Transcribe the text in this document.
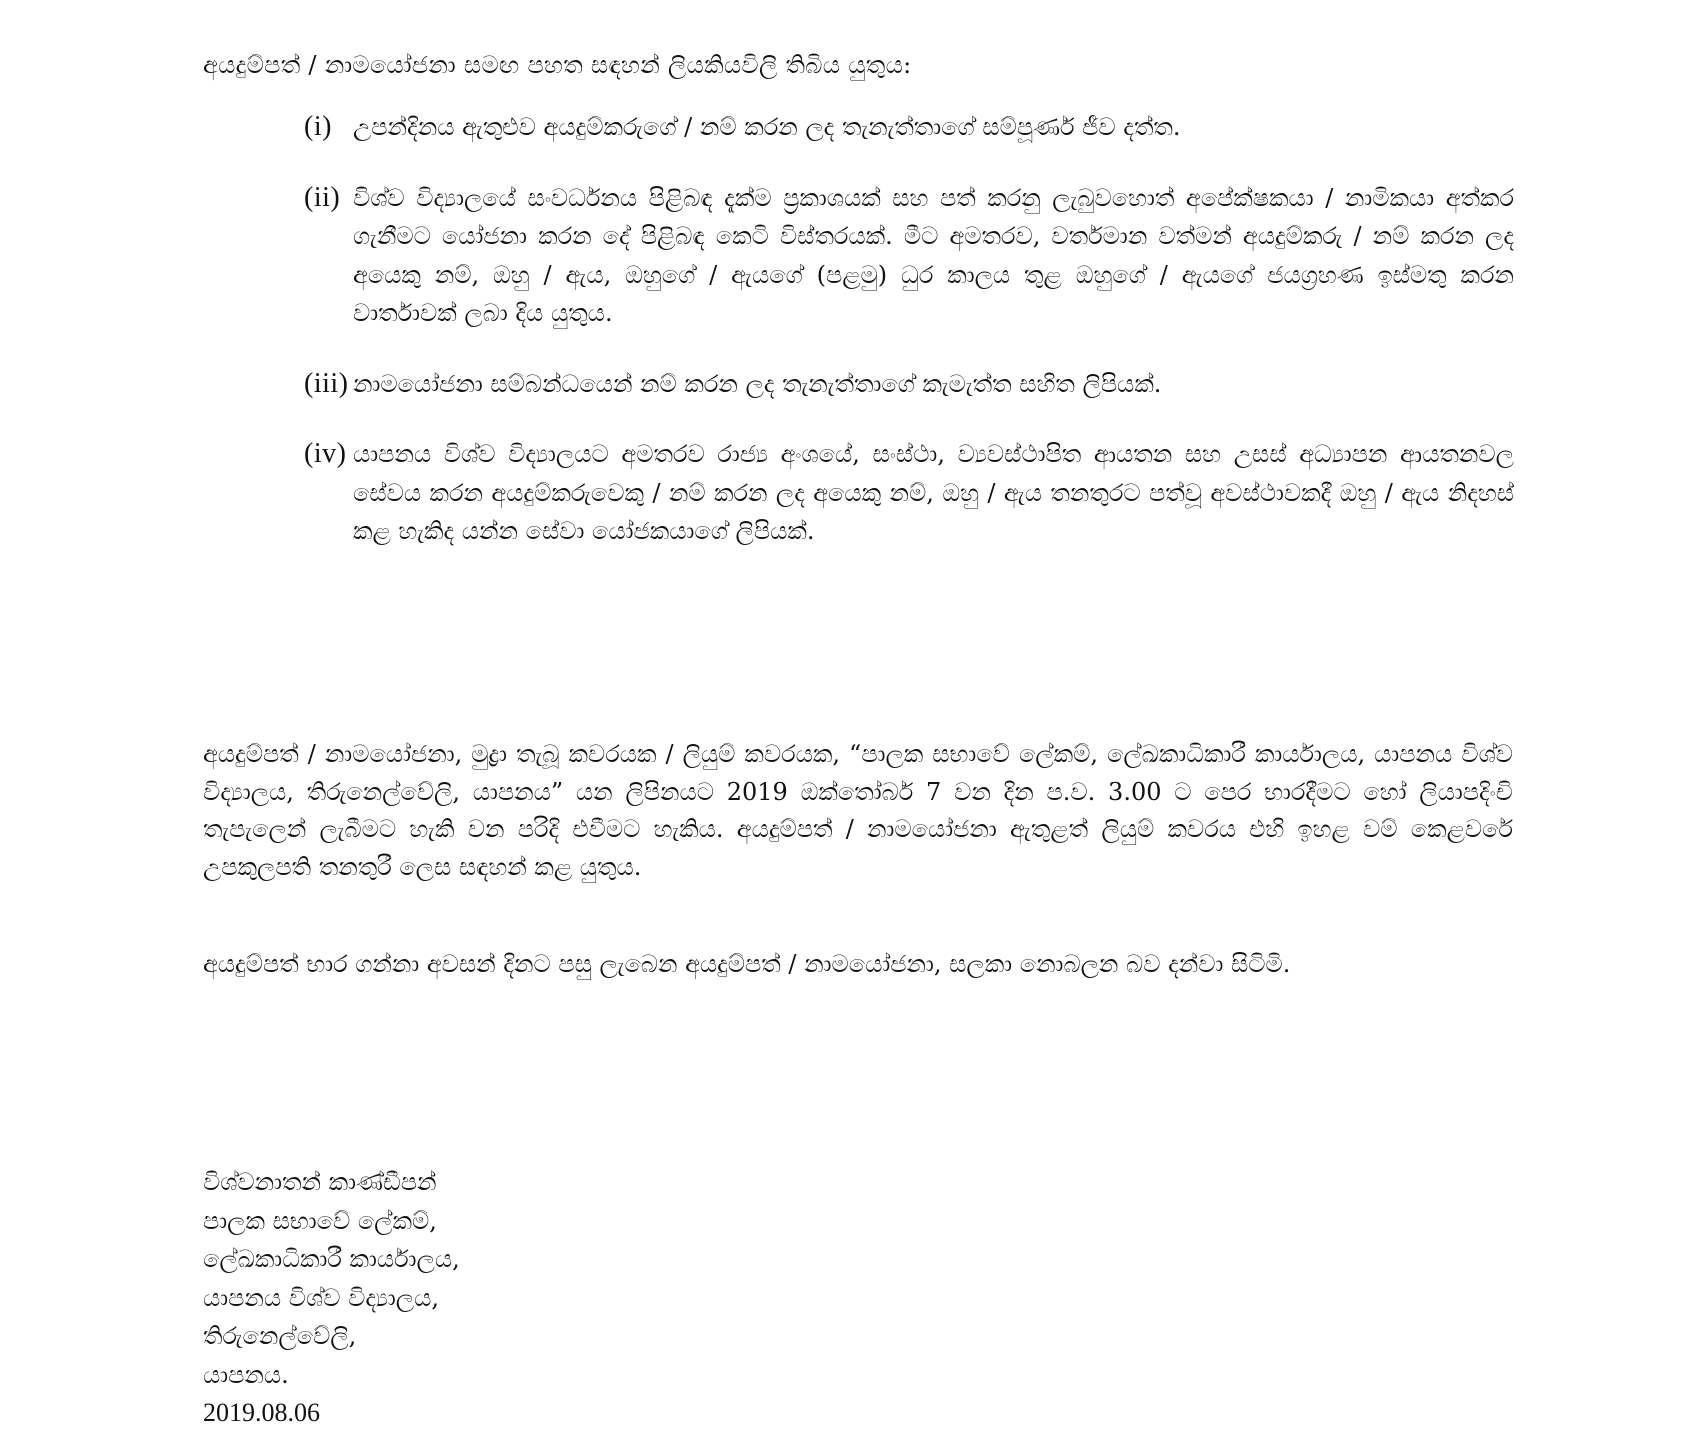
අයදුම්පත් / නාමයෝජනා සමඟ පහත සඳහන් ලියකියවිලි තිබිය යුතුය:
(i) උපන්දිනය ඇතුළුව අයදුම්කරුගේ / නම් කරන ලද තැනැත්තාගේ සම්පූර්ණ ජීව දත්ත.
(ii) විශ්ව විද්‍යාලයේ සංවර්ධනය පිළිබඳ දැක්ම ප්‍රකාශයක් සහ පත් කරනු ලැබුවහොත් අපේක්ෂකයා / නාමිකයා අත්කර ගැනීමට යෝජනා කරන දේ පිළිබඳ කෙටි විස්තරයක්. මීට අමතරව, වර්තමාන වත්මන් අයදුම්කරු / නම් කරන ලද අයෙකු නම්, ඔහු / ඇය, ඔහුගේ / ඇයගේ (පළමු) ධුර කාලය තුළ ඔහුගේ / ඇයගේ ජයග්‍රහණ ඉස්මතු කරන වාර්තාවක් ලබා දිය යුතුය.
(iii) නාමයෝජනා සම්බන්ධයෙන් නම් කරන ලද තැනැත්තාගේ කැමැත්ත සහිත ලිපියක්.
(iv) යාපනය විශ්ව විද්‍යාලයට අමතරව රාජ්‍ය අංශයේ, සංස්ථා, ව්‍යවස්ථාපිත ආයතන සහ උසස් අධ්‍යාපන ආයතනවල සේවය කරන අයදුම්කරුවෙකු / නම් කරන ලද අයෙකු නම්, ඔහු / ඇය තනතුරට පත්වූ අවස්ථාවකදී ඔහු / ඇය නිදහස් කළ හැකිද යන්න සේවා යෝජකයාගේ ලිපියක්.

අයදුම්පත් / නාමයෝජනා, මුද්‍රා තැබූ කවරයක / ලියුම් කවරයක, “පාලක සභාවේ ලේකම්, ලේඛකාධිකාරී කාර්යාලය, යාපනය විශ්ව විද්‍යාලය, තිරුනෙල්වේලි, යාපනය” යන ලිපිනයට 2019 ඔක්තෝබර් 7 වන දින ප.ව. 3.00 ට පෙර භාරදීමට හෝ ලියාපදිංචි තැපැලෙන් ලැබීමට හැකි වන පරිදි එවීමට හැකිය. අයදුම්පත් / නාමයෝජනා ඇතුළත් ලියුම් කවරය එහි ඉහළ වම් කෙළවරේ උපකුලපති තනතුරී ලෙස සඳහන් කළ යුතුය.

අයදුම්පත් භාර ගන්නා අවසන් දිනට පසු ලැබෙන අයදුම්පත් / නාමයෝජනා, සලකා නොබලන බව දන්වා සිටිමි.

විශ්වනාතන් කාණ්ඩීපන්
පාලක සභාවේ ලේකම්,
ලේඛකාධිකාරී කාර්යාලය,
යාපනය විශ්ව විද්‍යාලය,
තිරුනෙල්වේලි,
යාපනය.
2019.08.06
